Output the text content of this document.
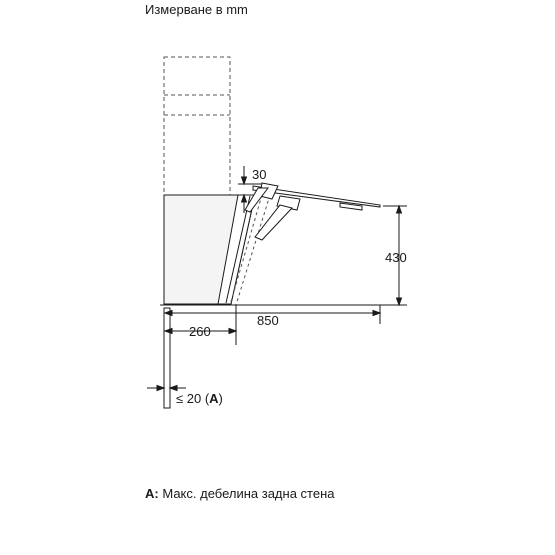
Измерване в mm
30
430
850
260
≤ 20 (A)
A: Макс. дебелина задна стена
